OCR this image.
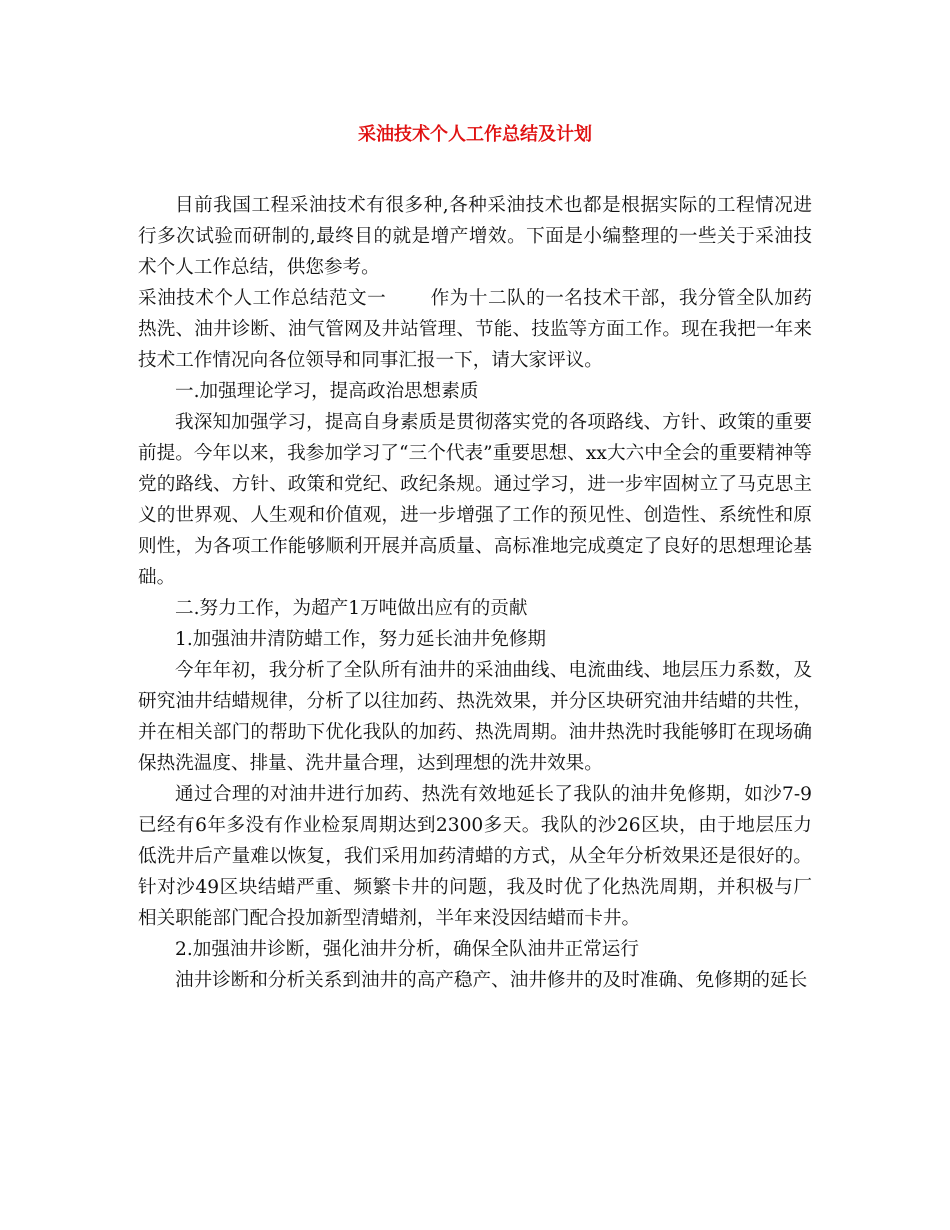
采油技术个人工作总结及计划

目前我国工程采油技术有很多种,各种采油技术也都是根据实际的工程情况进行多次试验而研制的,最终目的就是增产增效。下面是小编整理的一些关于采油技术个人工作总结，供您参考。

采油技术个人工作总结范文一 作为十二队的一名技术干部，我分管全队加药热洗、油井诊断、油气管网及井站管理、节能、技监等方面工作。现在我把一年来技术工作情况向各位领导和同事汇报一下，请大家评议。

一.加强理论学习，提高政治思想素质

我深知加强学习，提高自身素质是贯彻落实党的各项路线、方针、政策的重要前提。今年以来，我参加学习了“三个代表”重要思想、xx大六中全会的重要精神等党的路线、方针、政策和党纪、政纪条规。通过学习，进一步牢固树立了马克思主义的世界观、人生观和价值观，进一步增强了工作的预见性、创造性、系统性和原则性，为各项工作能够顺利开展并高质量、高标准地完成奠定了良好的思想理论基础。

二.努力工作，为超产1万吨做出应有的贡献

1.加强油井清防蜡工作，努力延长油井免修期

今年年初，我分析了全队所有油井的采油曲线、电流曲线、地层压力系数，及研究油井结蜡规律，分析了以往加药、热洗效果，并分区块研究油井结蜡的共性，并在相关部门的帮助下优化我队的加药、热洗周期。油井热洗时我能够盯在现场确保热洗温度、排量、洗井量合理，达到理想的洗井效果。

通过合理的对油井进行加药、热洗有效地延长了我队的油井免修期，如沙7-9已经有6年多没有作业检泵周期达到2300多天。我队的沙26区块，由于地层压力低洗井后产量难以恢复，我们采用加药清蜡的方式，从全年分析效果还是很好的。针对沙49区块结蜡严重、频繁卡井的问题，我及时优了化热洗周期，并积极与厂相关职能部门配合投加新型清蜡剂，半年来没因结蜡而卡井。

2.加强油井诊断，强化油井分析，确保全队油井正常运行

油井诊断和分析关系到油井的高产稳产、油井修井的及时准确、免修期的延长
